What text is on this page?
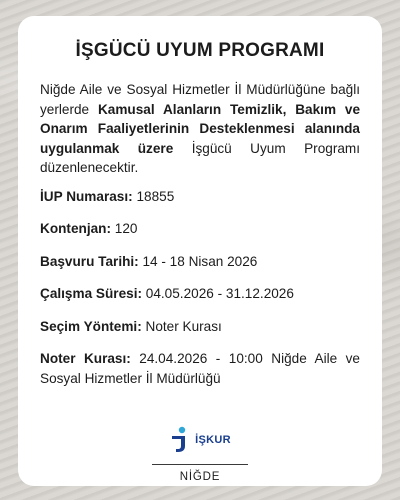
İŞGÜCÜ UYUM PROGRAMI

Niğde Aile ve Sosyal Hizmetler İl Müdürlüğüne bağlı yerlerde Kamusal Alanların Temizlik, Bakım ve Onarım Faaliyetlerinin Desteklenmesi alanında uygulanmak üzere İşgücü Uyum Programı düzenlenecektir.

İUP Numarası: 18855
Kontenjan: 120
Başvuru Tarihi: 14 - 18 Nisan 2026
Çalışma Süresi: 04.05.2026 - 31.12.2026
Seçim Yöntemi: Noter Kurası
Noter Kurası: 24.04.2026 - 10:00 Niğde Aile ve Sosyal Hizmetler İl Müdürlüğü
İŞKUR
NİĞDE
